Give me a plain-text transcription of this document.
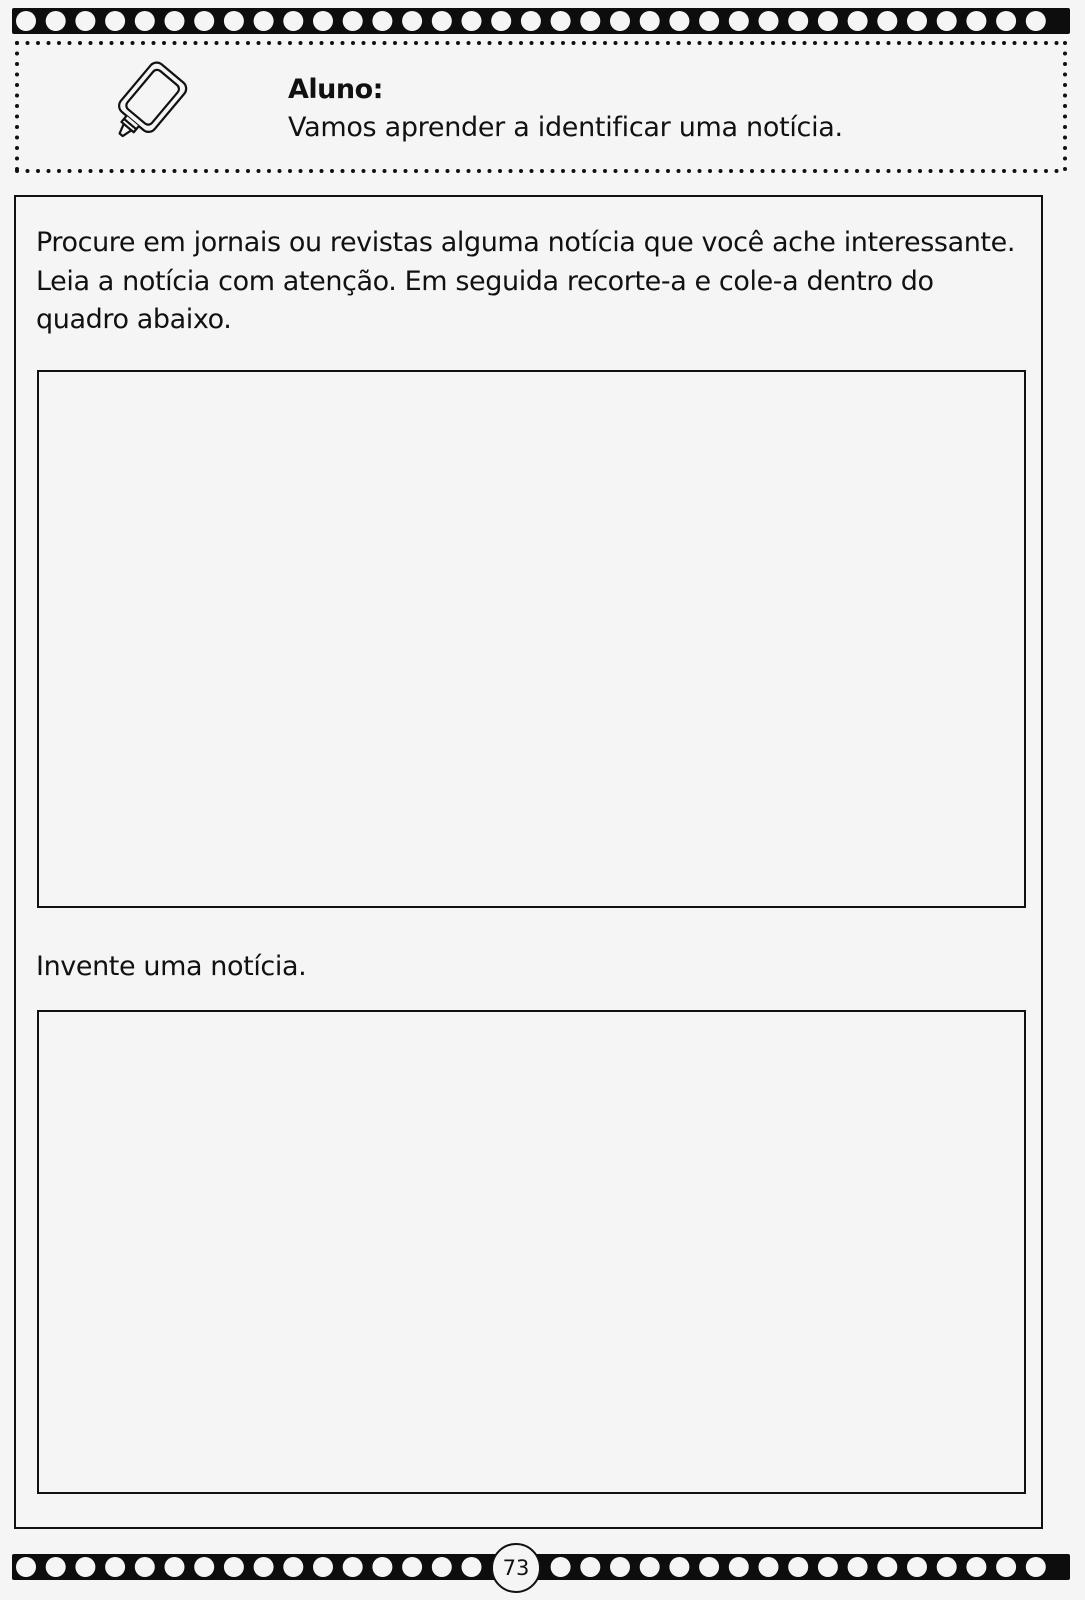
Aluno:
Vamos aprender a identificar uma notícia.
Procure em jornais ou revistas alguma notícia que você ache interessante.
Leia a notícia com atenção. Em seguida recorte-a e cole-a dentro do
quadro abaixo.
Invente uma notícia.
73
